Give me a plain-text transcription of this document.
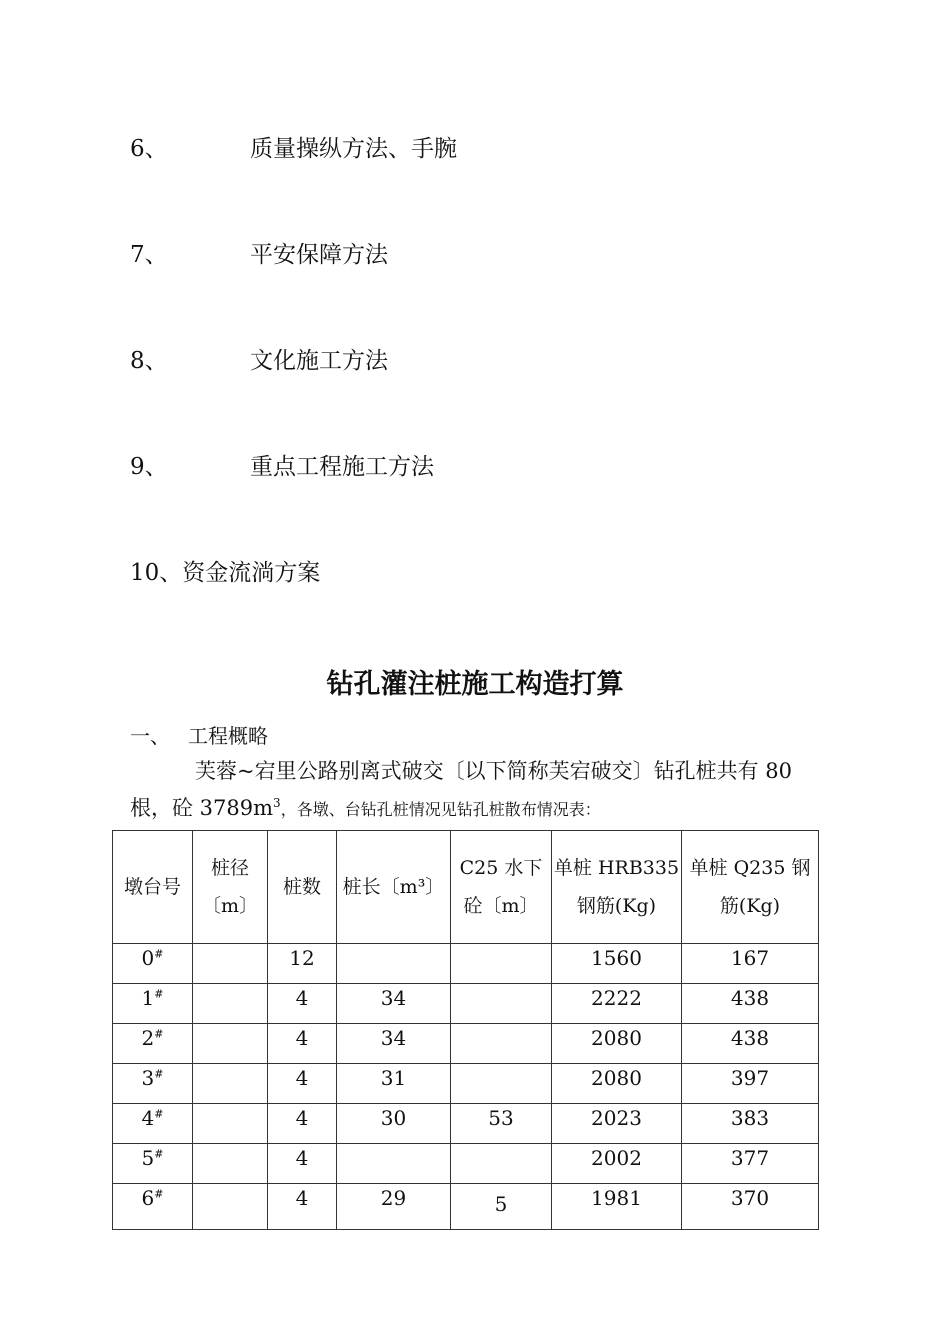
6、	质量操纵方法、手腕
7、	平安保障方法
8、	文化施工方法
9、	重点工程施工方法
10、资金流淌方案
钻孔灌注桩施工构造打算
一、 工程概略
芙蓉~宕里公路别离式破交〔以下简称芙宕破交〕钻孔桩共有 80
根，砼 $3789m^3$，各墩、台钻孔桩情况见钻孔桩散布情况表：
墩台号	桩径〔m〕	桩数	桩长〔m³〕	C25 水下砼〔m〕	单桩 HRB335 钢筋(Kg)	单桩 Q235 钢筋(Kg)
0#		12			1560	167
1#		4	34		2222	438
2#		4	34		2080	438
3#		4	31		2080	397
4#		4	30	53	2023	383
5#		4			2002	377
6#		4	29	5	1981	370
